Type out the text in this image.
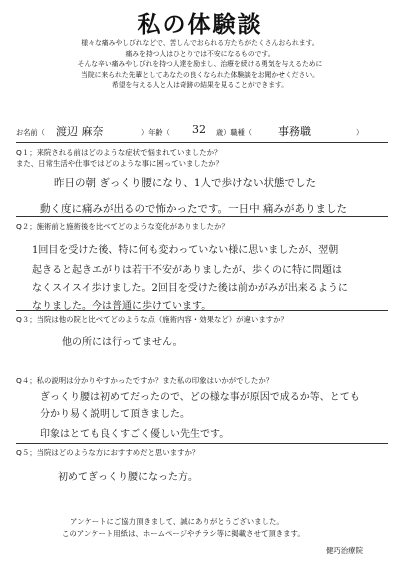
私の体験談
様々な痛みやしびれなどで、苦しんでおられる方たちがたくさんおられます。
痛みを持つ人はひとりでは不安になるものです。
そんな辛い痛みやしびれを持つ人達を励まし、治療を続ける勇気を与えるために
当院に来られた先輩としてあなたの良くなられた体験談をお聞かせください。
希望を与える人と人は奇跡の結果を見ることができます。
お名前（ 渡辺 麻奈	）年齢（ 32 歳）職種（ 事務職	）
Q１；来院される前はどのような症状で悩まれていましたか？
また、日常生活や仕事ではどのような事に困っていましたか？
昨日の朝 ぎっくり腰になり、1人で歩けない状態でした
動く度に痛みが出るので怖かったです。一日中 痛みがありました
Q２；施術前と施術後を比べてどのような変化がありましたか？
1回目を受けた後、特に何も変わっていない様に思いましたが、翌朝
起きると起きエがりは若干不安がありましたが、歩くのに特に問題は
なくスイスイ歩けました。2回目を受けた後は前かがみが出来るように
なりました。今は普通に歩けています。
Q３；当院は他の院と比べてどのような点（施術内容・効果など）が違いますか？
他の所には行ってません。
Q４；私の説明は分かりやすかったですか？また私の印象はいかがでしたか？
ぎっくり腰は初めてだったので、どの様な事が原因で成るか等、とても
分かり易く説明して頂きました。
印象はとても良くすごく優しい先生です。
Q５；当院はどのような方におすすめだと思いますか？
初めてぎっくり腰になった方。
アンケートにご協力頂きまして、誠にありがとうございました。
このアンケート用紙は、ホームページやチラシ等に掲載させて頂きます。
健巧治療院
